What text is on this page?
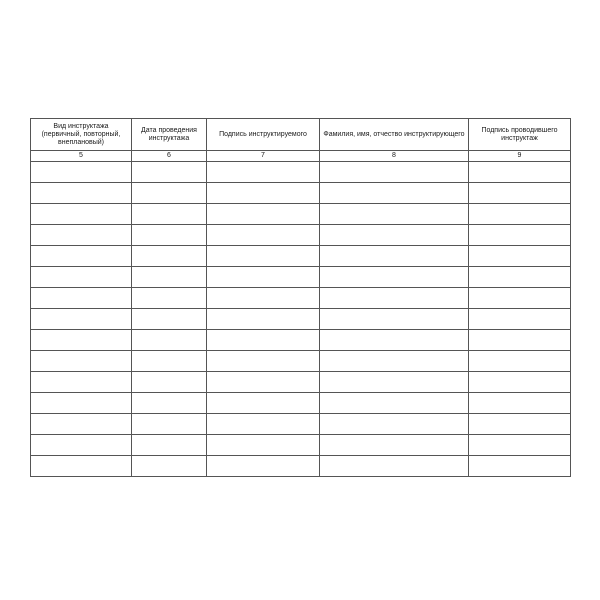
Вид инструктажа (первичный, повторный, внеплановый)	Дата проведения инструктажа	Подпись инструктируемого	Фамилия, имя, отчество инструктирующего	Подпись проводившего инструктаж
5	6	7	8	9
